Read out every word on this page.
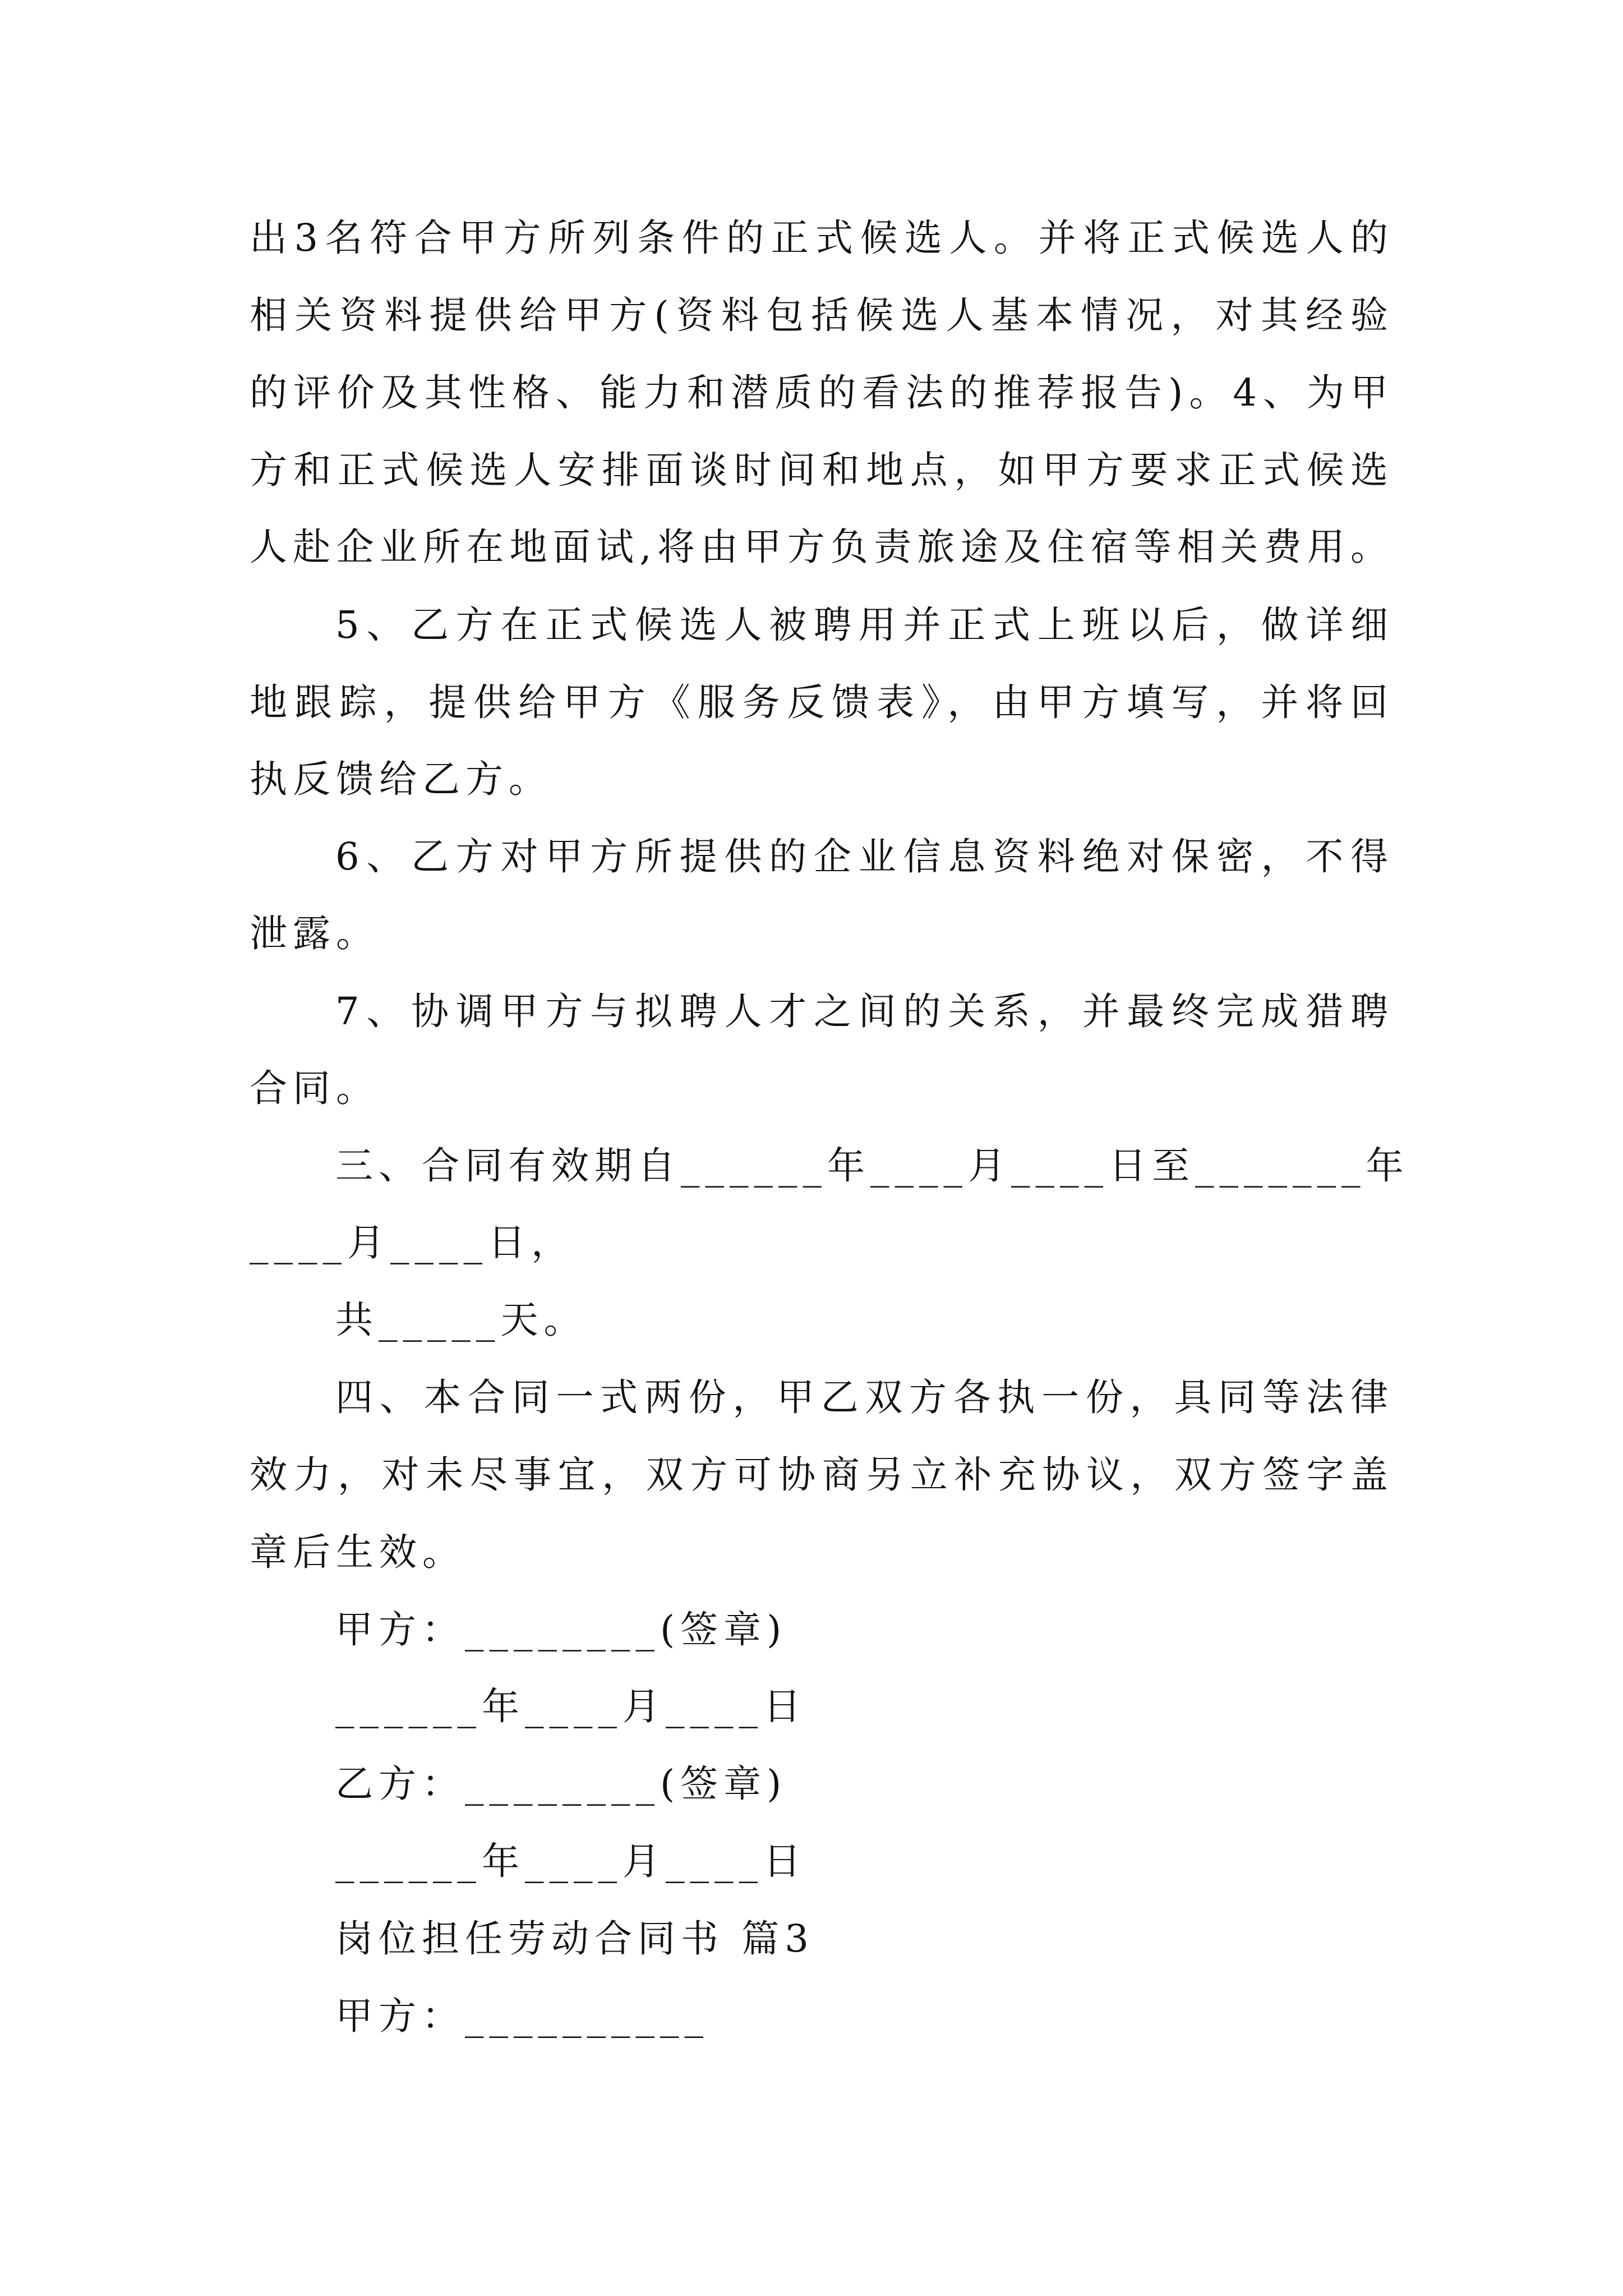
出3名符合甲方所列条件的正式候选人。并将正式候选人的
相关资料提供给甲方(资料包括候选人基本情况，对其经验
的评价及其性格、能力和潜质的看法的推荐报告)。4、为甲
方和正式候选人安排面谈时间和地点，如甲方要求正式候选
人赴企业所在地面试,将由甲方负责旅途及住宿等相关费用。
5、乙方在正式候选人被聘用并正式上班以后，做详细
地跟踪，提供给甲方《服务反馈表》，由甲方填写，并将回
执反馈给乙方。
6、乙方对甲方所提供的企业信息资料绝对保密，不得
泄露。
7、协调甲方与拟聘人才之间的关系，并最终完成猎聘
合同。
三、合同有效期自______年____月____日至_______年
____月____日，
共_____天。
四、本合同一式两份，甲乙双方各执一份，具同等法律
效力，对未尽事宜，双方可协商另立补充协议，双方签字盖
章后生效。
甲方：________(签章)
______年____月____日
乙方：________(签章)
______年____月____日
岗位担任劳动合同书 篇3
甲方：__________
